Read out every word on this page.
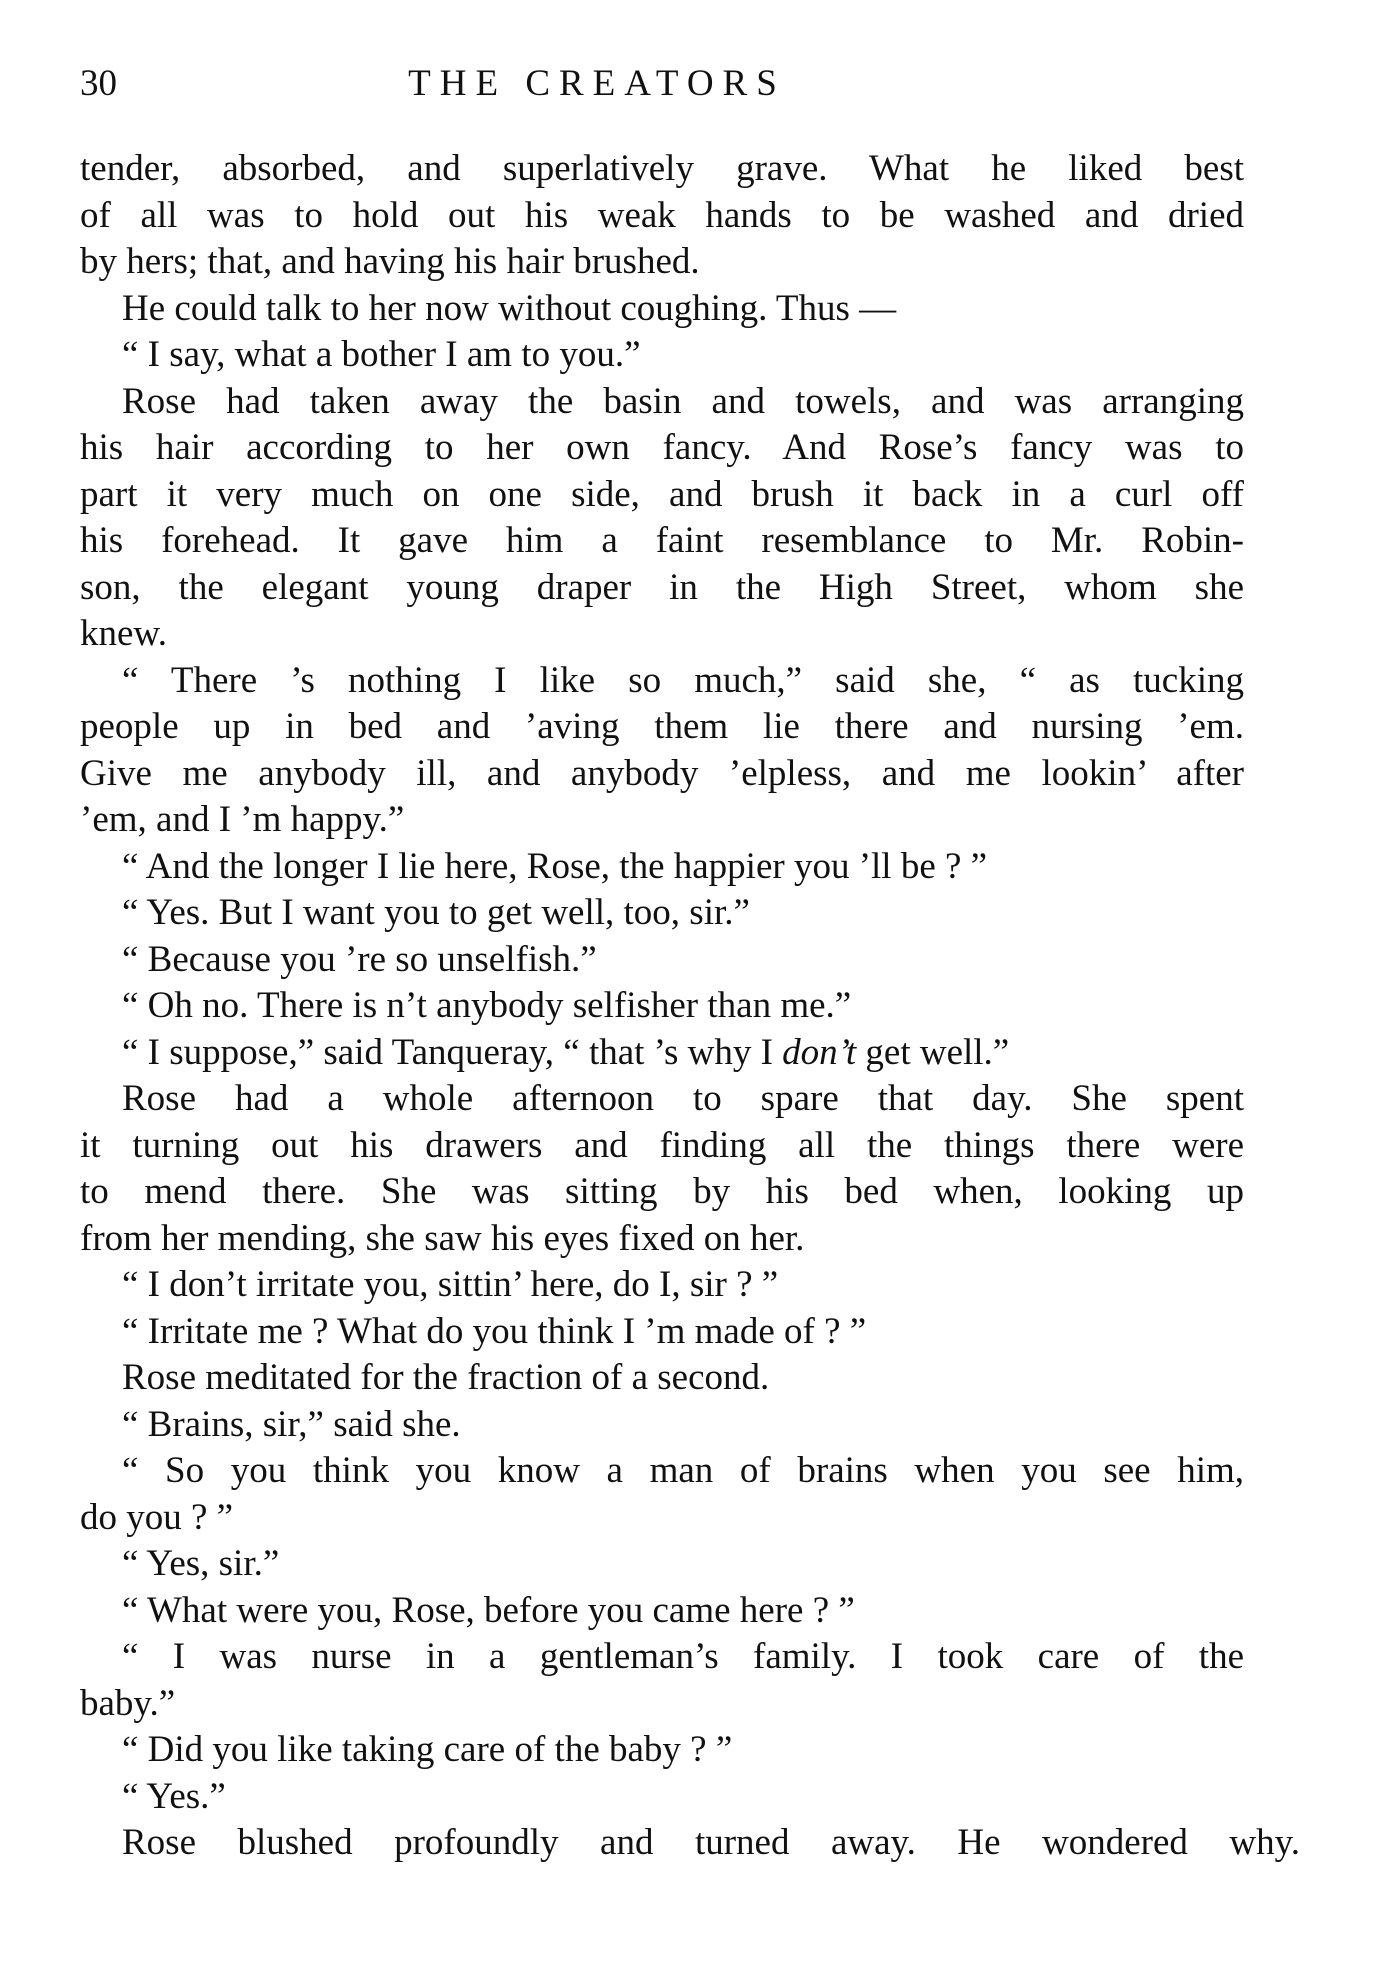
30	THE CREATORS
tender, absorbed, and superlatively grave. What he liked best
of all was to hold out his weak hands to be washed and dried
by hers; that, and having his hair brushed.
He could talk to her now without coughing. Thus —
“ I say, what a bother I am to you.”
Rose had taken away the basin and towels, and was arranging
his hair according to her own fancy. And Rose’s fancy was to
part it very much on one side, and brush it back in a curl off
his forehead. It gave him a faint resemblance to Mr. Robin-
son, the elegant young draper in the High Street, whom she
knew.
“ There ’s nothing I like so much,” said she, “ as tucking
people up in bed and ’aving them lie there and nursing ’em.
Give me anybody ill, and anybody ’elpless, and me lookin’ after
’em, and I ’m happy.”
“ And the longer I lie here, Rose, the happier you ’ll be ? ”
“ Yes. But I want you to get well, too, sir.”
“ Because you ’re so unselfish.”
“ Oh no. There is n’t anybody selfisher than me.”
“ I suppose,” said Tanqueray, “ that ’s why I don’t get well.”
Rose had a whole afternoon to spare that day. She spent
it turning out his drawers and finding all the things there were
to mend there. She was sitting by his bed when, looking up
from her mending, she saw his eyes fixed on her.
“ I don’t irritate you, sittin’ here, do I, sir ? ”
“ Irritate me ? What do you think I ’m made of ? ”
Rose meditated for the fraction of a second.
“ Brains, sir,” said she.
“ So you think you know a man of brains when you see him,
do you ? ”
“ Yes, sir.”
“ What were you, Rose, before you came here ? ”
“ I was nurse in a gentleman’s family. I took care of the
baby.”
“ Did you like taking care of the baby ? ”
“ Yes.”
Rose blushed profoundly and turned away. He wondered why.
